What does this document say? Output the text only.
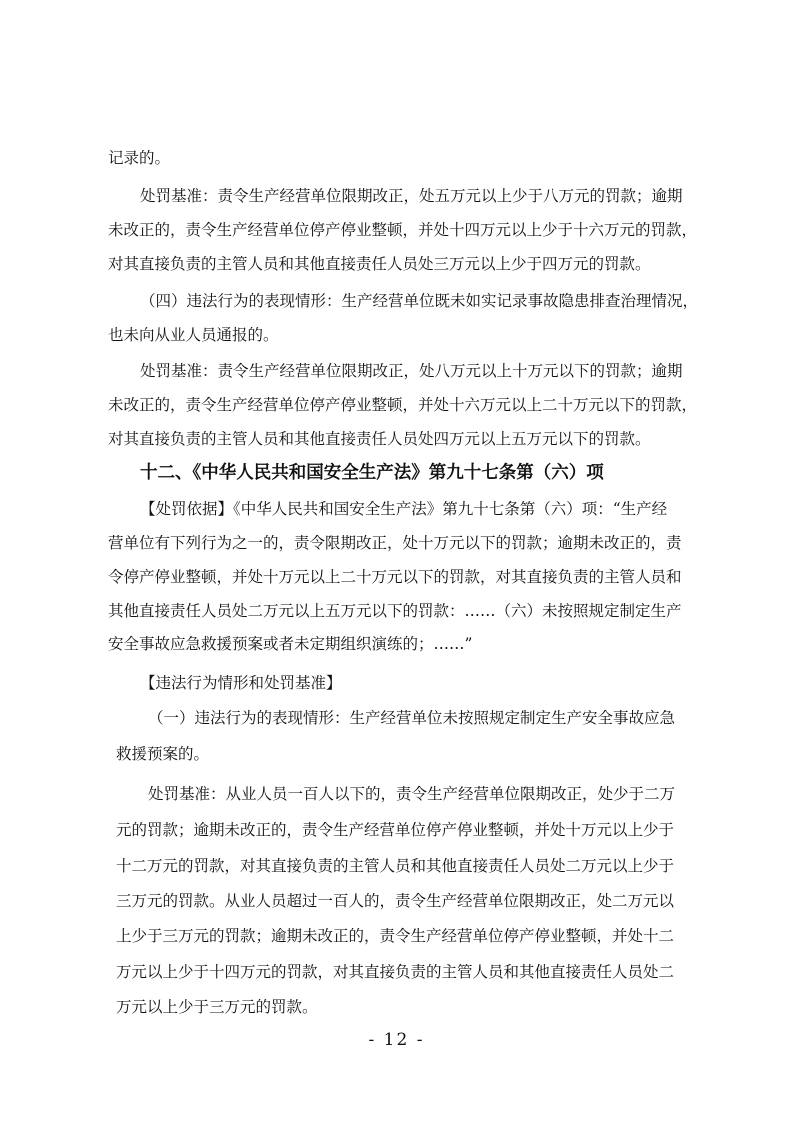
记录的。
处罚基准：责令生产经营单位限期改正，处五万元以上少于八万元的罚款；逾期
未改正的，责令生产经营单位停产停业整顿，并处十四万元以上少于十六万元的罚款，
对其直接负责的主管人员和其他直接责任人员处三万元以上少于四万元的罚款。
（四）违法行为的表现情形：生产经营单位既未如实记录事故隐患排查治理情况，
也未向从业人员通报的。
处罚基准：责令生产经营单位限期改正，处八万元以上十万元以下的罚款；逾期
未改正的，责令生产经营单位停产停业整顿，并处十六万元以上二十万元以下的罚款，
对其直接负责的主管人员和其他直接责任人员处四万元以上五万元以下的罚款。
十二、《中华人民共和国安全生产法》第九十七条第（六）项
【处罚依据】《中华人民共和国安全生产法》第九十七条第（六）项：“生产经
营单位有下列行为之一的，责令限期改正，处十万元以下的罚款；逾期未改正的，责
令停产停业整顿，并处十万元以上二十万元以下的罚款，对其直接负责的主管人员和
其他直接责任人员处二万元以上五万元以下的罚款：……（六）未按照规定制定生产
安全事故应急救援预案或者未定期组织演练的；……”
【违法行为情形和处罚基准】
（一）违法行为的表现情形：生产经营单位未按照规定制定生产安全事故应急
救援预案的。
处罚基准：从业人员一百人以下的，责令生产经营单位限期改正，处少于二万
元的罚款；逾期未改正的，责令生产经营单位停产停业整顿，并处十万元以上少于
十二万元的罚款，对其直接负责的主管人员和其他直接责任人员处二万元以上少于
三万元的罚款。从业人员超过一百人的，责令生产经营单位限期改正，处二万元以
上少于三万元的罚款；逾期未改正的，责令生产经营单位停产停业整顿，并处十二
万元以上少于十四万元的罚款，对其直接负责的主管人员和其他直接责任人员处二
万元以上少于三万元的罚款。
- 12 -
